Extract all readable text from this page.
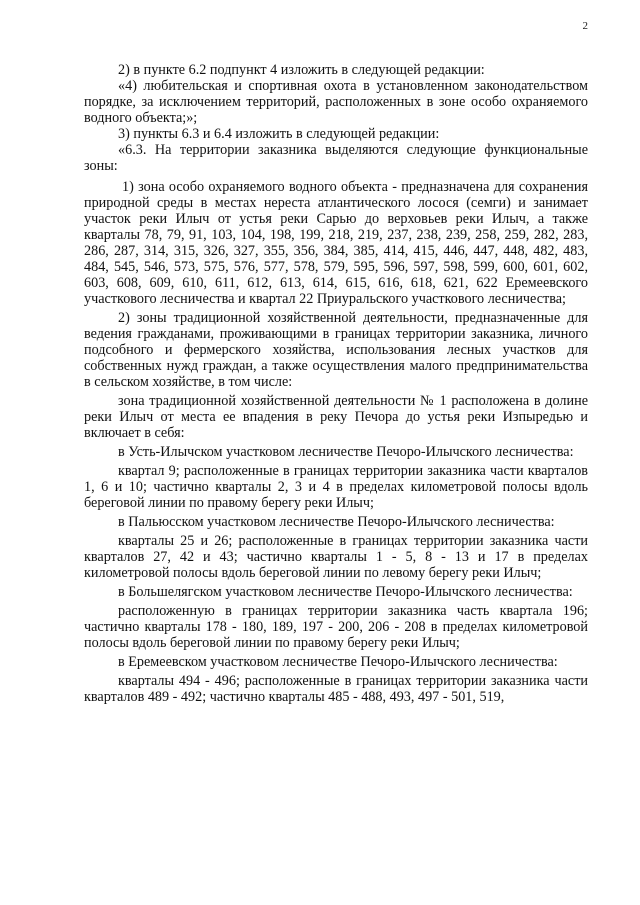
2

2) в пункте 6.2 подпункт 4 изложить в следующей редакции:

«4) любительская и спортивная охота в установленном законодательством порядке, за исключением территорий, расположенных в зоне особо охраняемого водного объекта;»;

3) пункты 6.3 и 6.4 изложить в следующей редакции:

«6.3. На территории заказника выделяются следующие функциональные зоны:

1) зона особо охраняемого водного объекта - предназначена для сохранения природной среды в местах нереста атлантического лосося (семги) и занимает участок реки Илыч от устья реки Сарью до верховьев реки Илыч, а также кварталы 78, 79, 91, 103, 104, 198, 199, 218, 219, 237, 238, 239, 258, 259, 282, 283, 286, 287, 314, 315, 326, 327, 355, 356, 384, 385, 414, 415, 446, 447, 448, 482, 483, 484, 545, 546, 573, 575, 576, 577, 578, 579, 595, 596, 597, 598, 599, 600, 601, 602, 603, 608, 609, 610, 611, 612, 613, 614, 615, 616, 618, 621, 622 Еремеевского участкового лесничества и квартал 22 Приуральского участкового лесничества;

2) зоны традиционной хозяйственной деятельности, предназначенные для ведения гражданами, проживающими в границах территории заказника, личного подсобного и фермерского хозяйства, использования лесных участков для собственных нужд граждан, а также осуществления малого предпринимательства в сельском хозяйстве, в том числе:

зона традиционной хозяйственной деятельности № 1 расположена в долине реки Илыч от места ее впадения в реку Печора до устья реки Изпыредью и включает в себя:

в Усть-Илычском участковом лесничестве Печоро-Илычского лесничества:

квартал 9; расположенные в границах территории заказника части кварталов 1, 6 и 10; частично кварталы 2, 3 и 4 в пределах километровой полосы вдоль береговой линии по правому берегу реки Илыч;

в Пальюсском участковом лесничестве Печоро-Илычского лесничества:

кварталы 25 и 26; расположенные в границах территории заказника части кварталов 27, 42 и 43; частично кварталы 1 - 5, 8 - 13 и 17 в пределах километровой полосы вдоль береговой линии по левому берегу реки Илыч;

в Большелягском участковом лесничестве Печоро-Илычского лесничества:

расположенную в границах территории заказника часть квартала 196; частично кварталы 178 - 180, 189, 197 - 200, 206 - 208 в пределах километровой полосы вдоль береговой линии по правому берегу реки Илыч;

в Еремеевском участковом лесничестве Печоро-Илычского лесничества:

кварталы 494 - 496; расположенные в границах территории заказника части кварталов 489 - 492; частично кварталы 485 - 488, 493, 497 - 501, 519,
